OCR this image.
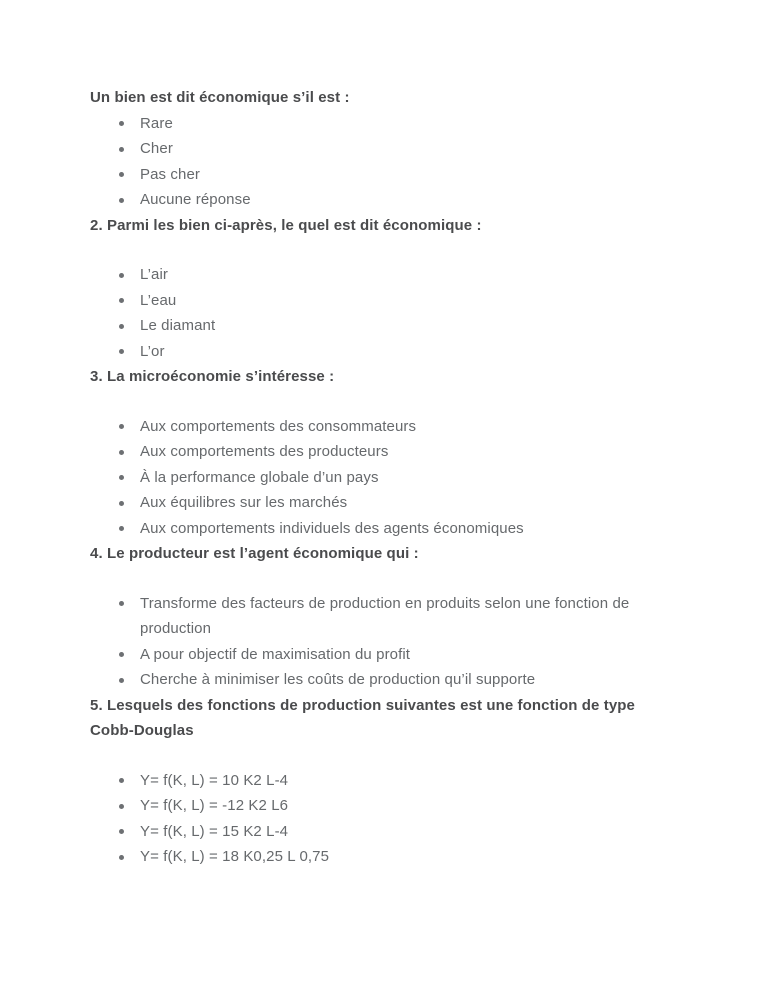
Un bien est dit économique s’il est :
Rare
Cher
Pas cher
Aucune réponse
2. Parmi les bien ci-après, le quel est dit économique :
L’air
L’eau
Le diamant
L’or
3. La microéconomie s’intéresse :
Aux comportements des consommateurs
Aux comportements des producteurs
À la performance globale d’un pays
Aux équilibres sur les marchés
Aux comportements individuels des agents économiques
4. Le producteur est l’agent économique qui :
Transforme des facteurs de production en produits selon une fonction de production
A pour objectif de maximisation du profit
Cherche à minimiser les coûts de production qu’il supporte
5. Lesquels des fonctions de production suivantes est une fonction de type Cobb-Douglas
Y= f(K, L) = 10 K2 L-4
Y= f(K, L) = -12 K2 L6
Y= f(K, L) = 15 K2 L-4
Y= f(K, L) = 18 K0,25 L 0,75
